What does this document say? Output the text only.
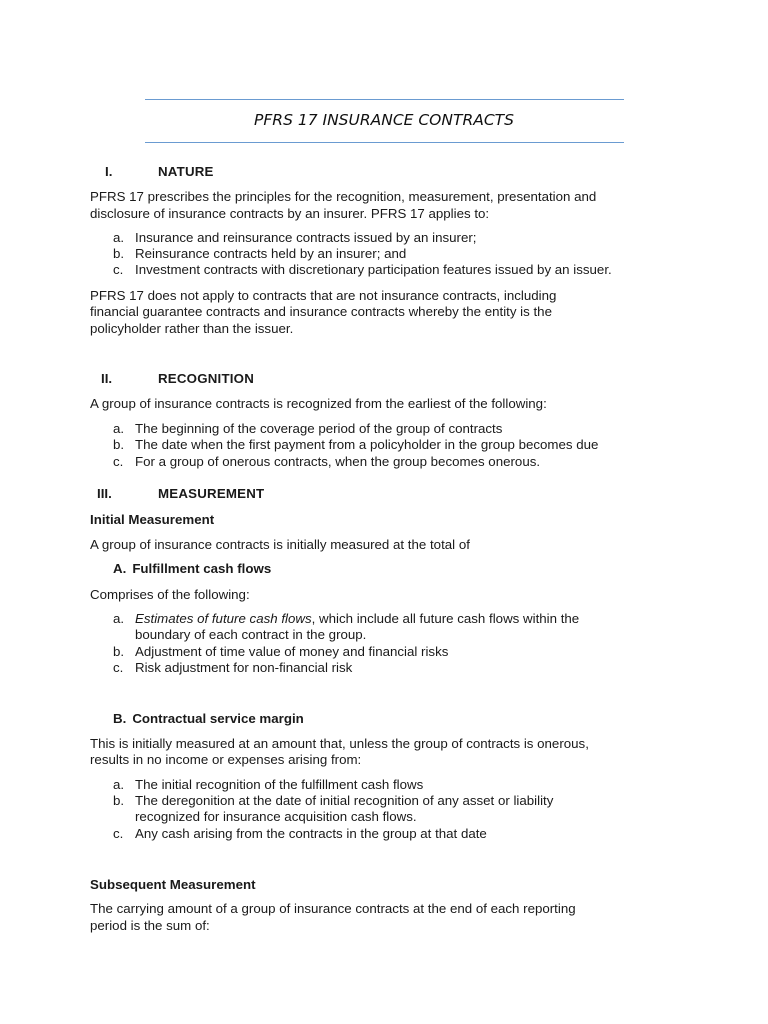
PFRS 17 INSURANCE CONTRACTS
I.	NATURE
PFRS 17 prescribes the principles for the recognition, measurement, presentation and
disclosure of insurance contracts by an insurer. PFRS 17 applies to:
a. Insurance and reinsurance contracts issued by an insurer;
b. Reinsurance contracts held by an insurer; and
c. Investment contracts with discretionary participation features issued by an issuer.
PFRS 17 does not apply to contracts that are not insurance contracts, including
financial guarantee contracts and insurance contracts whereby the entity is the
policyholder rather than the issuer.
II.	RECOGNITION
A group of insurance contracts is recognized from the earliest of the following:
a. The beginning of the coverage period of the group of contracts
b. The date when the first payment from a policyholder in the group becomes due
c. For a group of onerous contracts, when the group becomes onerous.
III.	MEASUREMENT
Initial Measurement
A group of insurance contracts is initially measured at the total of
A. Fulfillment cash flows
Comprises of the following:
a. Estimates of future cash flows, which include all future cash flows within the
boundary of each contract in the group.
b. Adjustment of time value of money and financial risks
c. Risk adjustment for non-financial risk
B. Contractual service margin
This is initially measured at an amount that, unless the group of contracts is onerous,
results in no income or expenses arising from:
a. The initial recognition of the fulfillment cash flows
b. The deregonition at the date of initial recognition of any asset or liability
recognized for insurance acquisition cash flows.
c. Any cash arising from the contracts in the group at that date
Subsequent Measurement
The carrying amount of a group of insurance contracts at the end of each reporting
period is the sum of:
